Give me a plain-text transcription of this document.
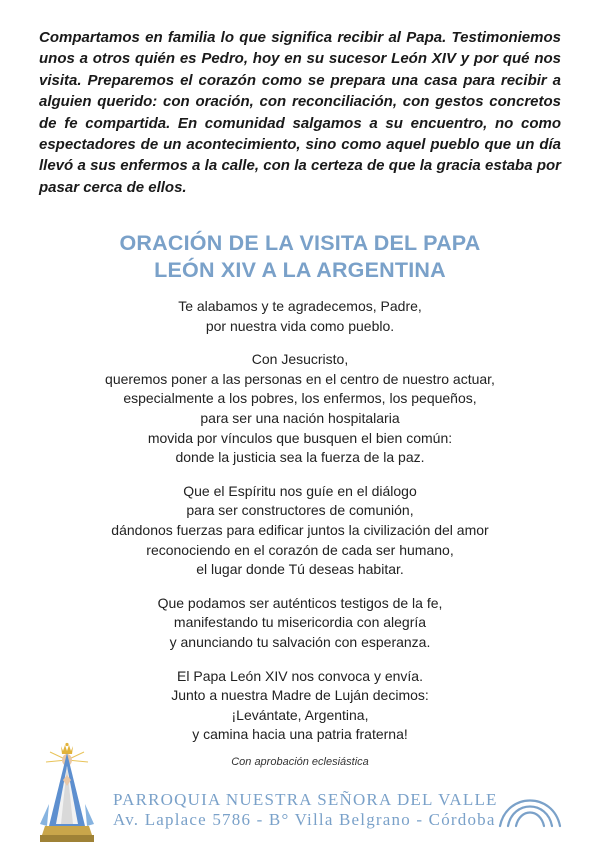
Compartamos en familia lo que significa recibir al Papa. Testimoniemos unos a otros quién es Pedro, hoy en su sucesor León XIV y por qué nos visita. Preparemos el corazón como se prepara una casa para recibir a alguien querido: con oración, con reconciliación, con gestos concretos de fe compartida. En comunidad salgamos a su encuentro, no como espectadores de un acontecimiento, sino como aquel pueblo que un día llevó a sus enfermos a la calle, con la certeza de que la gracia estaba por pasar cerca de ellos.

ORACIÓN DE LA VISITA DEL PAPA
LEÓN XIV A LA ARGENTINA
Te alabamos y te agradecemos, Padre,
por nuestra vida como pueblo.
Con Jesucristo,
queremos poner a las personas en el centro de nuestro actuar,
especialmente a los pobres, los enfermos, los pequeños,
para ser una nación hospitalaria
movida por vínculos que busquen el bien común:
donde la justicia sea la fuerza de la paz.
Que el Espíritu nos guíe en el diálogo
para ser constructores de comunión,
dándonos fuerzas para edificar juntos la civilización del amor
reconociendo en el corazón de cada ser humano,
el lugar donde Tú deseas habitar.
Que podamos ser auténticos testigos de la fe,
manifestando tu misericordia con alegría
y anunciando tu salvación con esperanza.
El Papa León XIV nos convoca y envía.
Junto a nuestra Madre de Luján decimos:
¡Levántate, Argentina,
y camina hacia una patria fraterna!
Con aprobación eclesiástica
PARROQUIA NUESTRA SEÑORA DEL VALLE
Av. Laplace 5786 - B° Villa Belgrano - Córdoba
